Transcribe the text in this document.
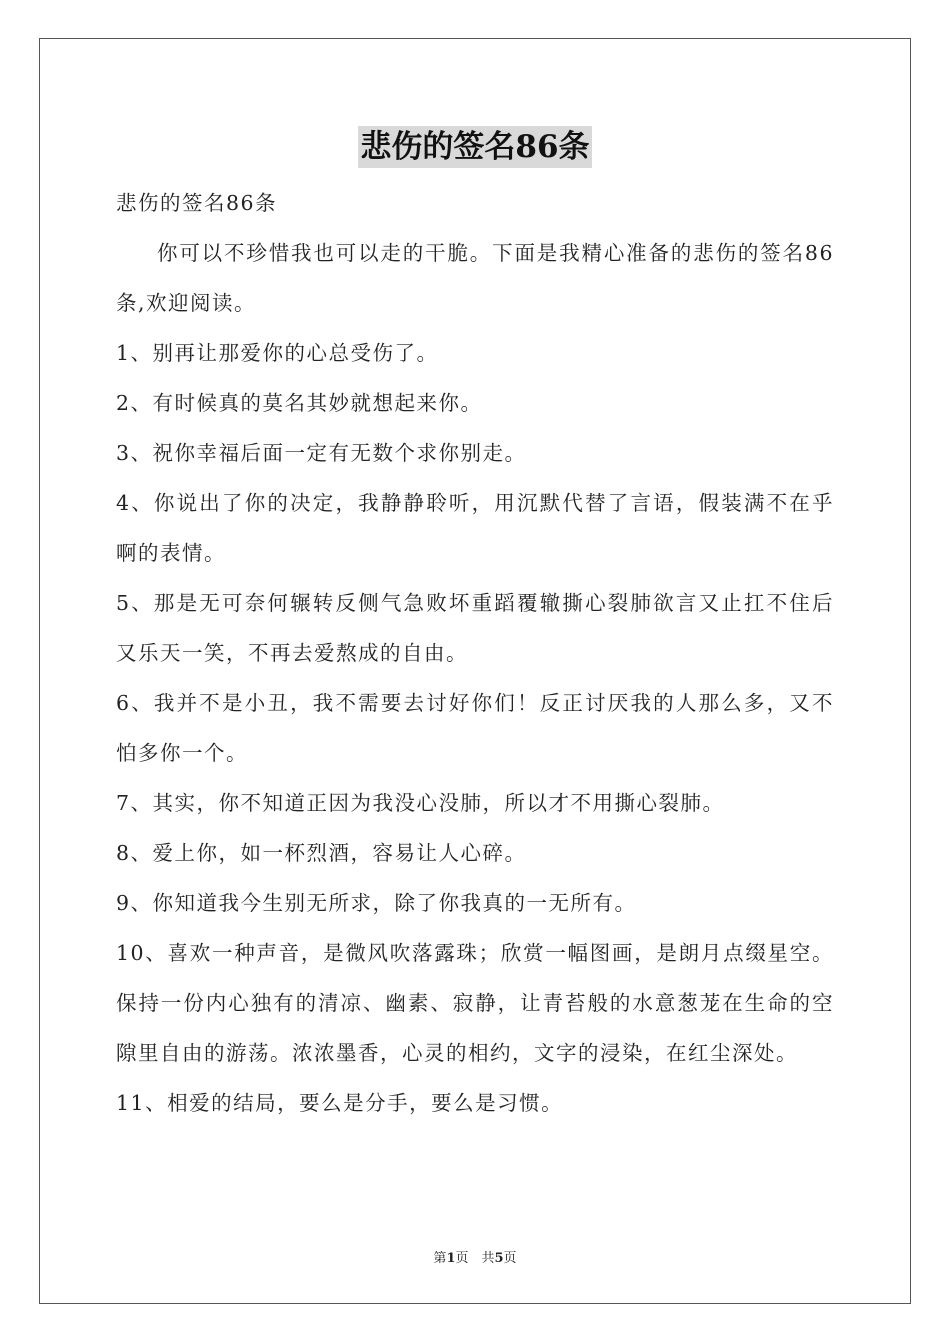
悲伤的签名86条

悲伤的签名86条

你可以不珍惜我也可以走的干脆。下面是我精心准备的悲伤的签名86条,欢迎阅读。

1、别再让那爱你的心总受伤了。

2、有时候真的莫名其妙就想起来你。

3、祝你幸福后面一定有无数个求你别走。

4、你说出了你的决定，我静静聆听，用沉默代替了言语，假装满不在乎啊的表情。

5、那是无可奈何辗转反侧气急败坏重蹈覆辙撕心裂肺欲言又止扛不住后又乐天一笑，不再去爱熬成的自由。

6、我并不是小丑，我不需要去讨好你们！反正讨厌我的人那么多，又不怕多你一个。

7、其实，你不知道正因为我没心没肺，所以才不用撕心裂肺。

8、爱上你，如一杯烈酒，容易让人心碎。

9、你知道我今生别无所求，除了你我真的一无所有。

10、喜欢一种声音，是微风吹落露珠；欣赏一幅图画，是朗月点缀星空。保持一份内心独有的清凉、幽素、寂静，让青苔般的水意葱茏在生命的空隙里自由的游荡。浓浓墨香，心灵的相约，文字的浸染，在红尘深处。

11、相爱的结局，要么是分手，要么是习惯。

第1页　共5页
